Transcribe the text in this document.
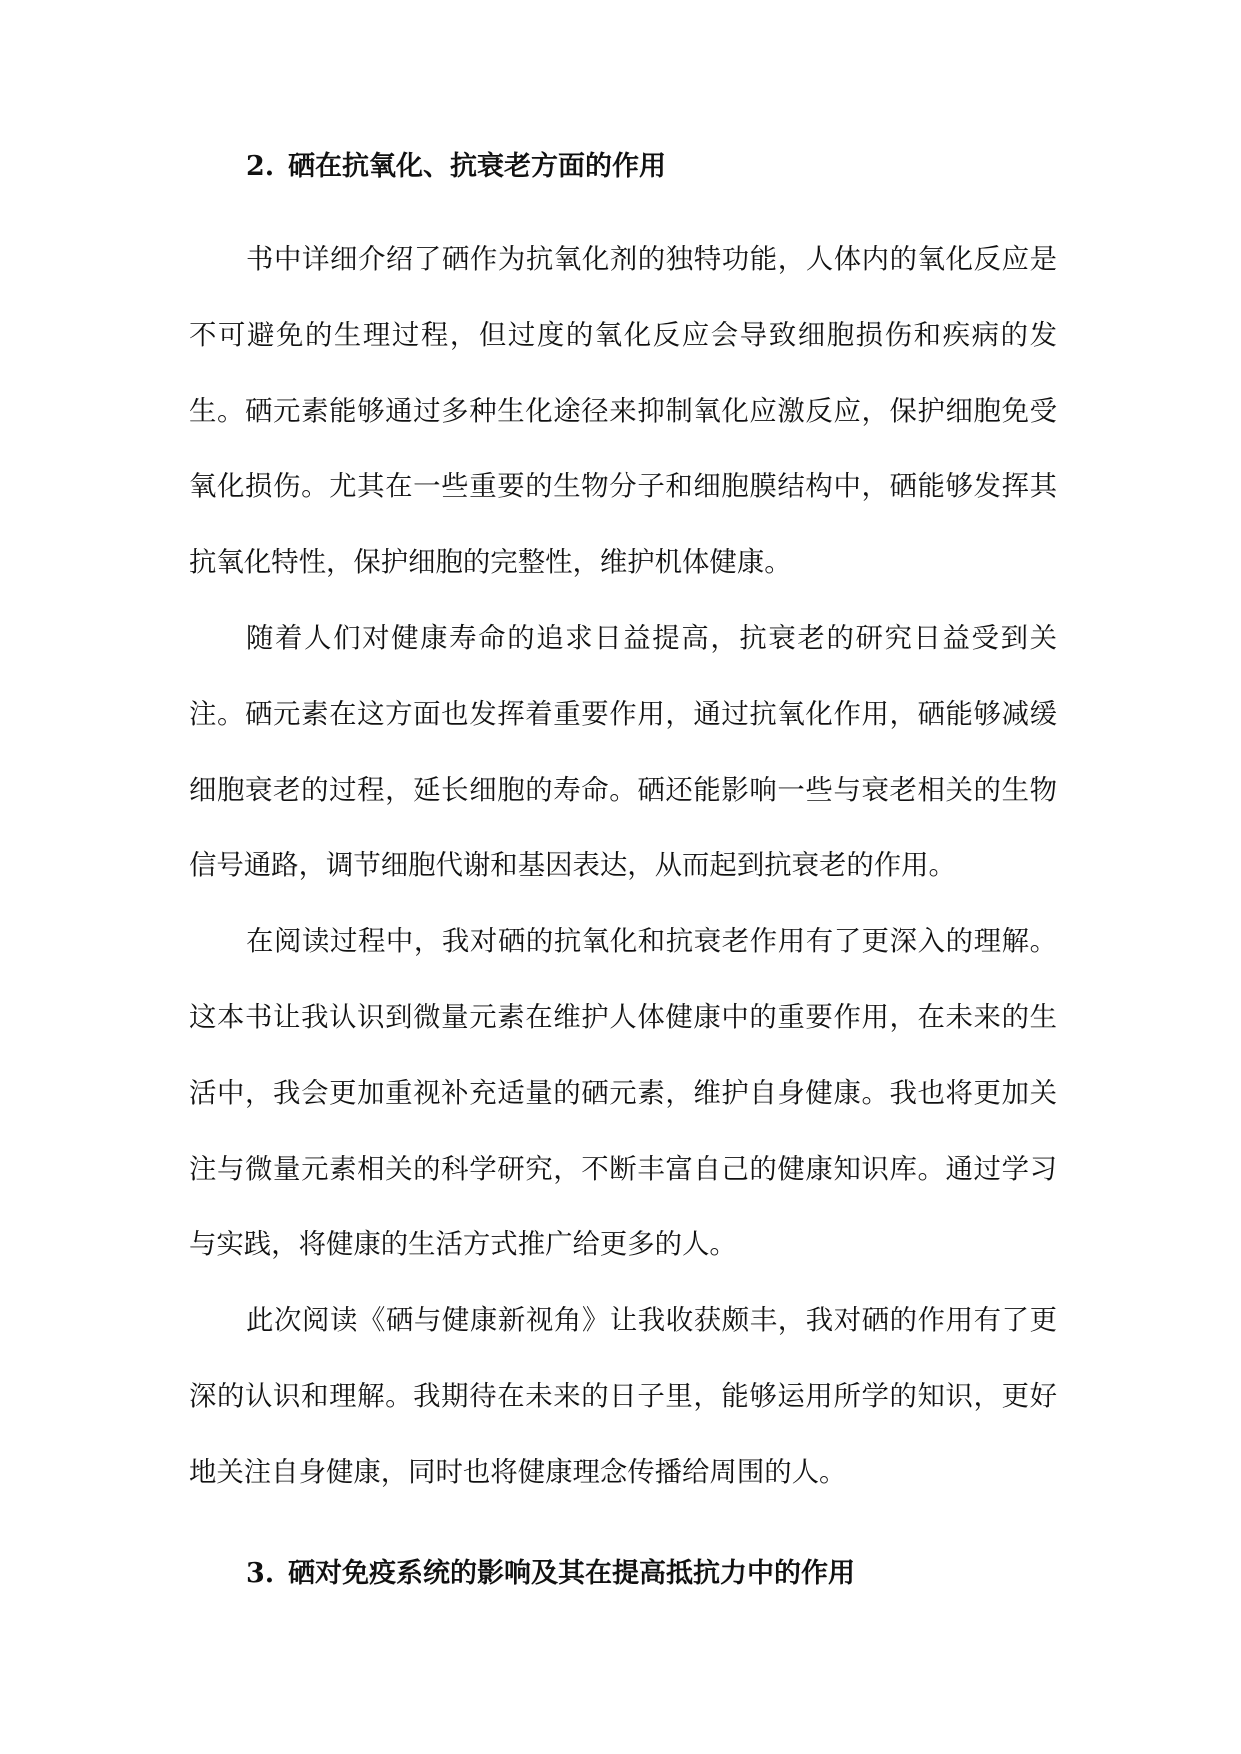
2. 硒在抗氧化、抗衰老方面的作用

书中详细介绍了硒作为抗氧化剂的独特功能，人体内的氧化反应是不可避免的生理过程，但过度的氧化反应会导致细胞损伤和疾病的发生。硒元素能够通过多种生化途径来抑制氧化应激反应，保护细胞免受氧化损伤。尤其在一些重要的生物分子和细胞膜结构中，硒能够发挥其抗氧化特性，保护细胞的完整性，维护机体健康。

随着人们对健康寿命的追求日益提高，抗衰老的研究日益受到关注。硒元素在这方面也发挥着重要作用，通过抗氧化作用，硒能够减缓细胞衰老的过程，延长细胞的寿命。硒还能影响一些与衰老相关的生物信号通路，调节细胞代谢和基因表达，从而起到抗衰老的作用。

在阅读过程中，我对硒的抗氧化和抗衰老作用有了更深入的理解。这本书让我认识到微量元素在维护人体健康中的重要作用，在未来的生活中，我会更加重视补充适量的硒元素，维护自身健康。我也将更加关注与微量元素相关的科学研究，不断丰富自己的健康知识库。通过学习与实践，将健康的生活方式推广给更多的人。

此次阅读《硒与健康新视角》让我收获颇丰，我对硒的作用有了更深的认识和理解。我期待在未来的日子里，能够运用所学的知识，更好地关注自身健康，同时也将健康理念传播给周围的人。

3. 硒对免疫系统的影响及其在提高抵抗力中的作用
